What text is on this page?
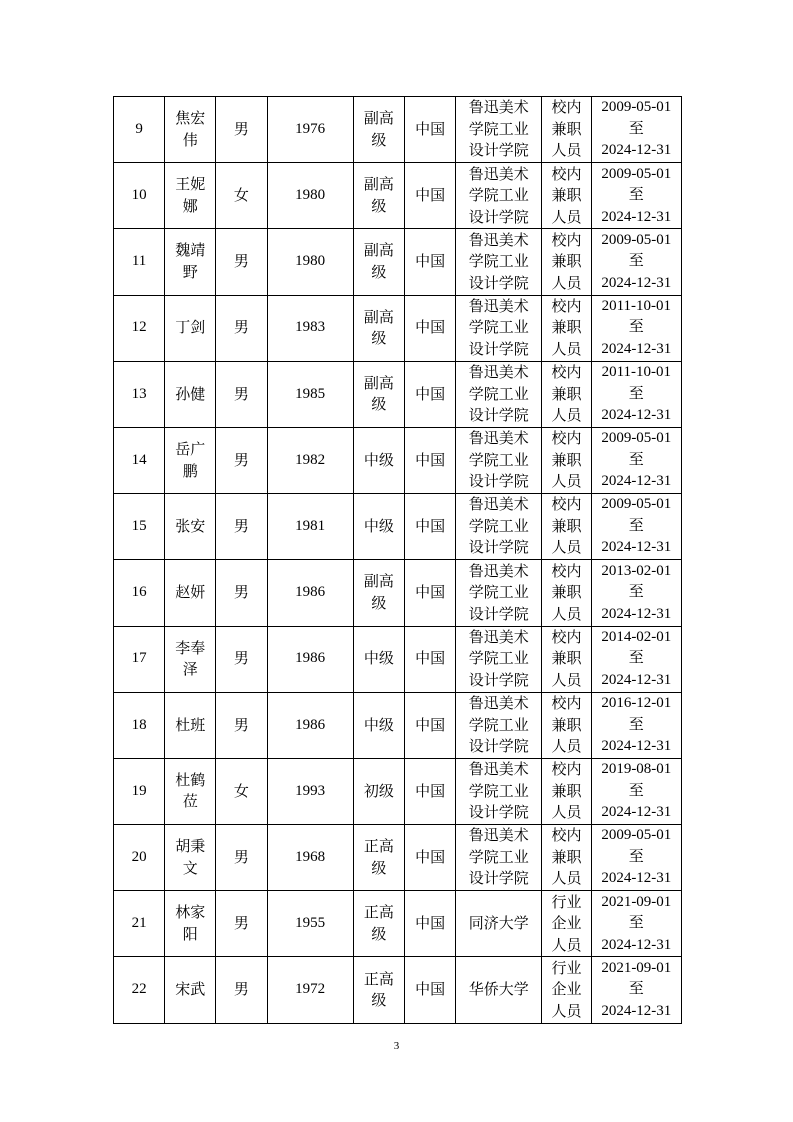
9	焦宏伟	男	1976	副高级	中国	鲁迅美术学院工业设计学院	校内兼职人员	2009-05-01
至
2024-12-31

10	王妮娜	女	1980	副高级	中国	鲁迅美术学院工业设计学院	校内兼职人员	2009-05-01
至
2024-12-31

11	魏靖野	男	1980	副高级	中国	鲁迅美术学院工业设计学院	校内兼职人员	2009-05-01
至
2024-12-31

12	丁剑	男	1983	副高级	中国	鲁迅美术学院工业设计学院	校内兼职人员	2011-10-01
至
2024-12-31

13	孙健	男	1985	副高级	中国	鲁迅美术学院工业设计学院	校内兼职人员	2011-10-01
至
2024-12-31

14	岳广鹏	男	1982	中级	中国	鲁迅美术学院工业设计学院	校内兼职人员	2009-05-01
至
2024-12-31

15	张安	男	1981	中级	中国	鲁迅美术学院工业设计学院	校内兼职人员	2009-05-01
至
2024-12-31

16	赵妍	男	1986	副高级	中国	鲁迅美术学院工业设计学院	校内兼职人员	2013-02-01
至
2024-12-31

17	李奉泽	男	1986	中级	中国	鲁迅美术学院工业设计学院	校内兼职人员	2014-02-01
至
2024-12-31

18	杜班	男	1986	中级	中国	鲁迅美术学院工业设计学院	校内兼职人员	2016-12-01
至
2024-12-31

19	杜鹤莅	女	1993	初级	中国	鲁迅美术学院工业设计学院	校内兼职人员	2019-08-01
至
2024-12-31

20	胡秉文	男	1968	正高级	中国	鲁迅美术学院工业设计学院	校内兼职人员	2009-05-01
至
2024-12-31

21	林家阳	男	1955	正高级	中国	同济大学	行业企业人员	2021-09-01
至
2024-12-31

22	宋武	男	1972	正高级	中国	华侨大学	行业企业人员	2021-09-01
至
2024-12-31
3
